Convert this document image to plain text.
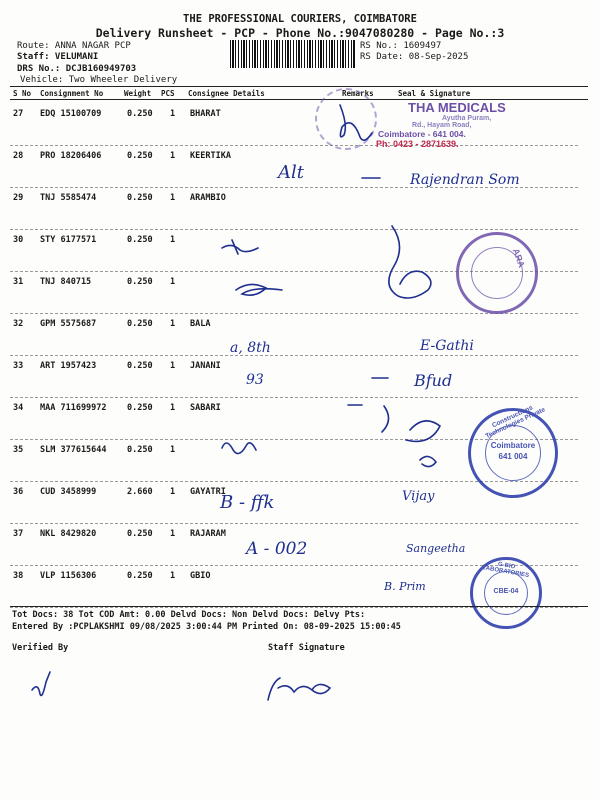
THE PROFESSIONAL COURIERS, COIMBATORE
Delivery Runsheet - PCP - Phone No.:9047080280 - Page No.:3
Route: ANNA NAGAR PCP
Staff: VELUMANI
DRS No.: DCJB160949703
Vehicle: Two Wheeler Delivery
RS No.: 1609497
RS Date: 08-Sep-2025
S No Consignment No	Weight PCS Consignee Details	Remarks	Seal & Signature
27 EDQ 15100709	0.250 1 BHARAT
28 PRO 18206406	0.250 1 KEERTIKA
29 TNJ 5585474	0.250 1 ARAMBIO
30 STY 6177571	0.250 1
31 TNJ 840715	0.250 1
32 GPM 5575687	0.250 1 BALA
33 ART 1957423	0.250 1 JANANI
34 MAA 711699972 0.250 1 SABARI
35 SLM 377615644 0.250 1
36 CUD 3458999	2.660 1 GAYATRI
37 NKL 8429820	0.250 1 RAJARAM
38 VLP 1156306	0.250 1 GBIO
THA MEDICALS
Ayutha Puram,
Rd., Hayam Road,
Coimbatore - 641 004.
Ph: 0423 - 2871639.
ARA
Constructions Technologies Private
Coimbatore
641 004
G-BIO LABORATORIES
CBE-04
Alt	Rajendran Som
a, 8th	E-Gathi
93	Bfud
B - ffk	Vijay
A - 002	Sangeetha
B. Prim
Tot Docs: 38 Tot COD Amt: 0.00 Delvd Docs: Non Delvd Docs: Delvy Pts:
Entered By :PCPLAKSHMI 09/08/2025 3:00:44 PM Printed On: 08-09-2025 15:00:45
Verified By	Staff Signature
